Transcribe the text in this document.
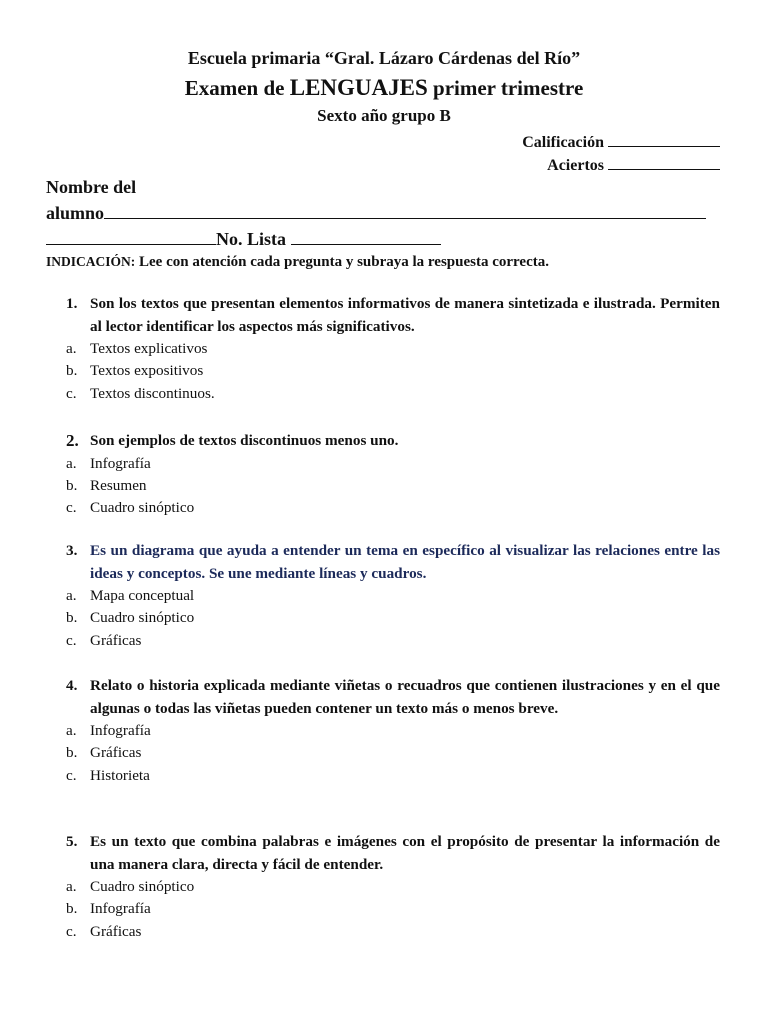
Escuela primaria “Gral. Lázaro Cárdenas del Río”
Examen de LENGUAJES primer trimestre
Sexto año grupo B
Calificación
Aciertos
Nombre del
alumno
No. Lista
INDICACIÓN: Lee con atención cada pregunta y subraya la respuesta correcta.
1. Son los textos que presentan elementos informativos de manera sintetizada e ilustrada. Permiten al lector identificar los aspectos más significativos.
a. Textos explicativos
b. Textos expositivos
c. Textos discontinuos.
2. Son ejemplos de textos discontinuos menos uno.
a. Infografía
b. Resumen
c. Cuadro sinóptico
3. Es un diagrama que ayuda a entender un tema en específico al visualizar las relaciones entre las ideas y conceptos. Se une mediante líneas y cuadros.
a. Mapa conceptual
b. Cuadro sinóptico
c. Gráficas
4. Relato o historia explicada mediante viñetas o recuadros que contienen ilustraciones y en el que algunas o todas las viñetas pueden contener un texto más o menos breve.
a. Infografía
b. Gráficas
c. Historieta
5. Es un texto que combina palabras e imágenes con el propósito de presentar la información de una manera clara, directa y fácil de entender.
a. Cuadro sinóptico
b. Infografía
c. Gráficas
